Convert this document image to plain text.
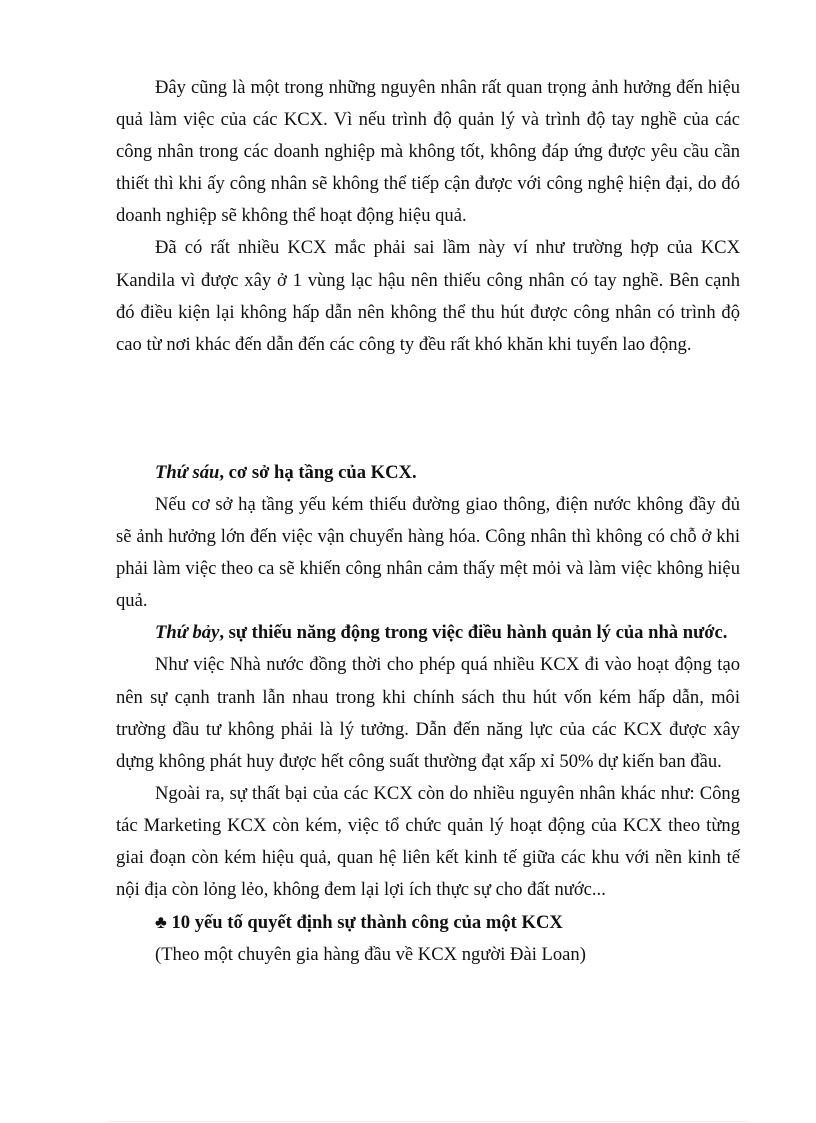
Đây cũng là một trong những nguyên nhân rất quan trọng ảnh hưởng đến hiệu quả làm việc của các KCX. Vì nếu trình độ quản lý và trình độ tay nghề của các công nhân trong các doanh nghiệp mà không tốt, không đáp ứng được yêu cầu cần thiết thì khi ấy công nhân sẽ không thể tiếp cận được với công nghệ hiện đại, do đó doanh nghiệp sẽ không thể hoạt động hiệu quả.

Đã có rất nhiều KCX mắc phải sai lầm này ví như trường hợp của KCX Kandila vì được xây ở 1 vùng lạc hậu nên thiếu công nhân có tay nghề. Bên cạnh đó điều kiện lại không hấp dẫn nên không thể thu hút được công nhân có trình độ cao từ nơi khác đến dẫn đến các công ty đều rất khó khăn khi tuyển lao động.

Thứ sáu, cơ sở hạ tầng của KCX.

Nếu cơ sở hạ tầng yếu kém thiếu đường giao thông, điện nước không đầy đủ sẽ ảnh hưởng lớn đến việc vận chuyển hàng hóa. Công nhân thì không có chỗ ở khi phải làm việc theo ca sẽ khiến công nhân cảm thấy mệt mỏi và làm việc không hiệu quả.

Thứ bảy, sự thiếu năng động trong việc điều hành quản lý của nhà nước.

Như việc Nhà nước đồng thời cho phép quá nhiều KCX đi vào hoạt động tạo nên sự cạnh tranh lẫn nhau trong khi chính sách thu hút vốn kém hấp dẫn, môi trường đầu tư không phải là lý tưởng. Dẫn đến năng lực của các KCX được xây dựng không phát huy được hết công suất thường đạt xấp xỉ 50% dự kiến ban đầu.

Ngoài ra, sự thất bại của các KCX còn do nhiều nguyên nhân khác như: Công tác Marketing KCX còn kém, việc tổ chức quản lý hoạt động của KCX theo từng giai đoạn còn kém hiệu quả, quan hệ liên kết kinh tế giữa các khu với nền kinh tế nội địa còn lỏng lẻo, không đem lại lợi ích thực sự cho đất nước...

♣ 10 yếu tố quyết định sự thành công của một KCX

(Theo một chuyên gia hàng đầu về KCX người Đài Loan)
